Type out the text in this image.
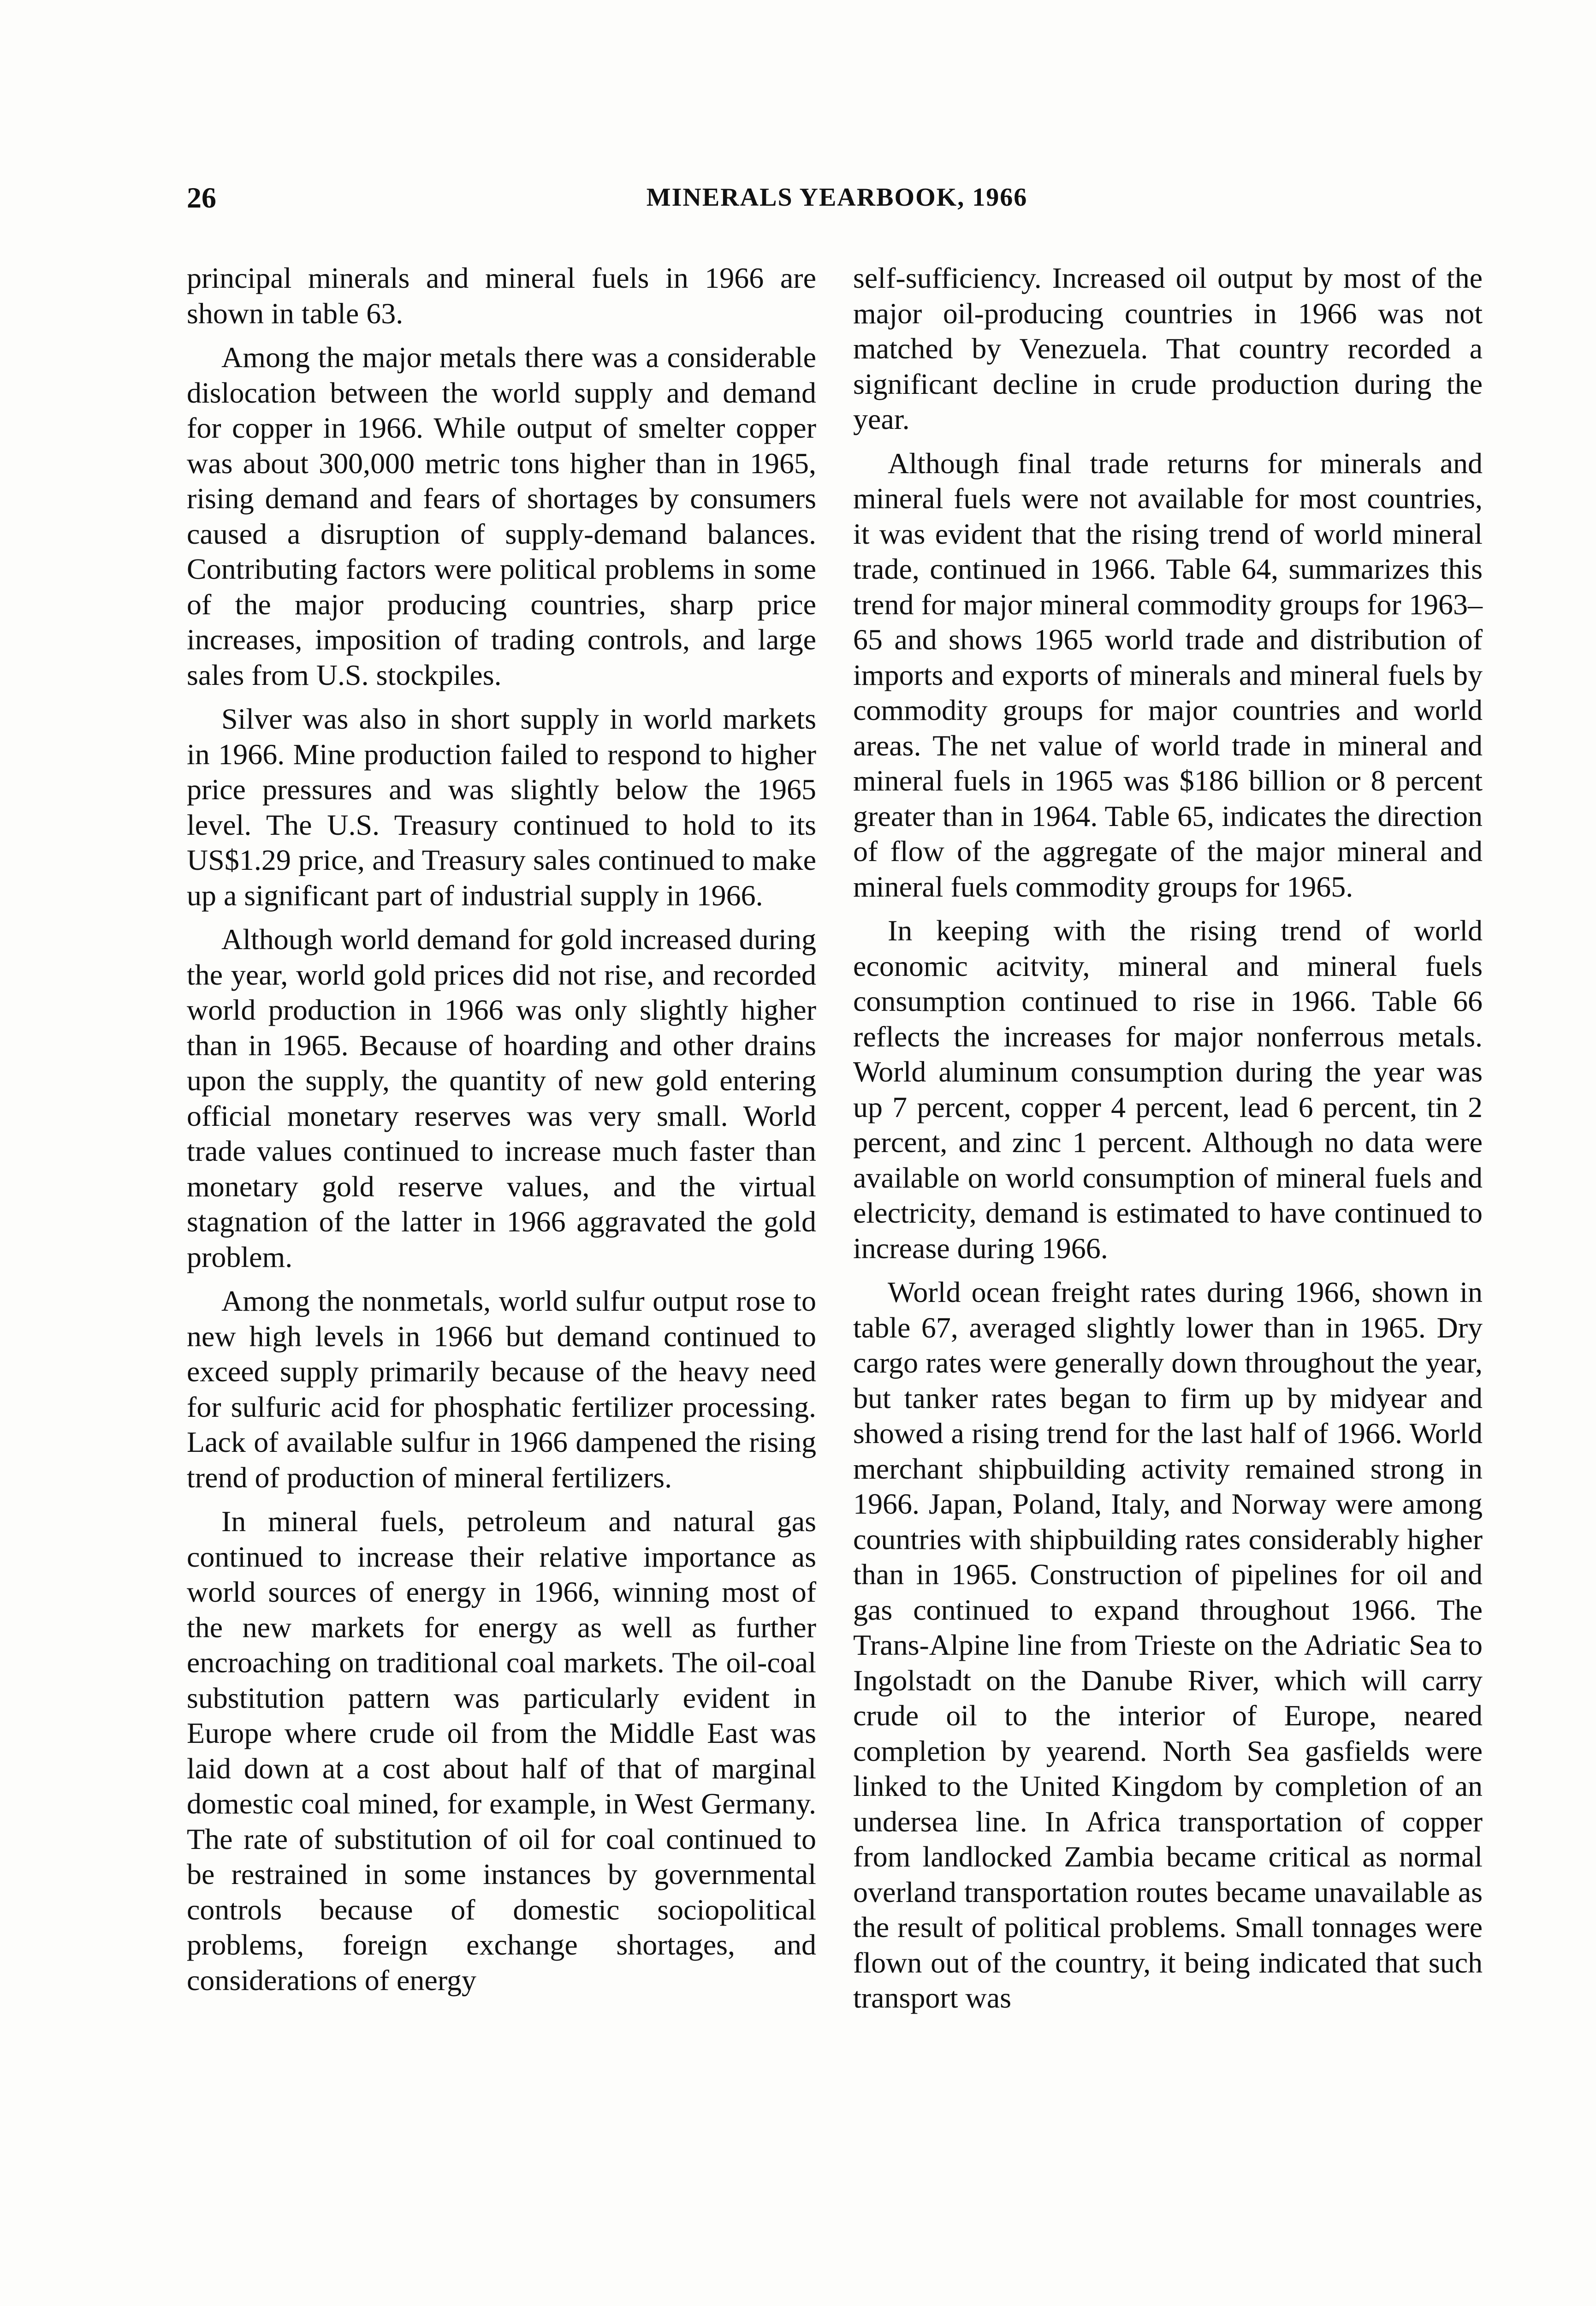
26	MINERALS YEARBOOK, 1966

principal minerals and mineral fuels in 1966 are shown in table 63.

Among the major metals there was a considerable dislocation between the world supply and demand for copper in 1966. While output of smelter copper was about 300,000 metric tons higher than in 1965, rising demand and fears of shortages by consumers caused a disruption of supply-demand balances. Contributing factors were political problems in some of the major producing countries, sharp price increases, imposition of trading controls, and large sales from U.S. stockpiles.

Silver was also in short supply in world markets in 1966. Mine production failed to respond to higher price pressures and was slightly below the 1965 level. The U.S. Treasury continued to hold to its US$1.29 price, and Treasury sales continued to make up a significant part of industrial supply in 1966.

Although world demand for gold increased during the year, world gold prices did not rise, and recorded world production in 1966 was only slightly higher than in 1965. Because of hoarding and other drains upon the supply, the quantity of new gold entering official monetary reserves was very small. World trade values continued to increase much faster than monetary gold reserve values, and the virtual stagnation of the latter in 1966 aggravated the gold problem.

Among the nonmetals, world sulfur output rose to new high levels in 1966 but demand continued to exceed supply primarily because of the heavy need for sulfuric acid for phosphatic fertilizer processing. Lack of available sulfur in 1966 dampened the rising trend of production of mineral fertilizers.

In mineral fuels, petroleum and natural gas continued to increase their relative importance as world sources of energy in 1966, winning most of the new markets for energy as well as further encroaching on traditional coal markets. The oil-coal substitution pattern was particularly evident in Europe where crude oil from the Middle East was laid down at a cost about half of that of marginal domestic coal mined, for example, in West Germany. The rate of substitution of oil for coal continued to be restrained in some instances by governmental controls because of domestic sociopolitical problems, foreign exchange shortages, and considerations of energy

self-sufficiency. Increased oil output by most of the major oil-producing countries in 1966 was not matched by Venezuela. That country recorded a significant decline in crude production during the year.

Although final trade returns for minerals and mineral fuels were not available for most countries, it was evident that the rising trend of world mineral trade, continued in 1966. Table 64, summarizes this trend for major mineral commodity groups for 1963–65 and shows 1965 world trade and distribution of imports and exports of minerals and mineral fuels by commodity groups for major countries and world areas. The net value of world trade in mineral and mineral fuels in 1965 was $186 billion or 8 percent greater than in 1964. Table 65, indicates the direction of flow of the aggregate of the major mineral and mineral fuels commodity groups for 1965.

In keeping with the rising trend of world economic acitvity, mineral and mineral fuels consumption continued to rise in 1966. Table 66 reflects the increases for major nonferrous metals. World aluminum consumption during the year was up 7 percent, copper 4 percent, lead 6 percent, tin 2 percent, and zinc 1 percent. Although no data were available on world consumption of mineral fuels and electricity, demand is estimated to have continued to increase during 1966.

World ocean freight rates during 1966, shown in table 67, averaged slightly lower than in 1965. Dry cargo rates were generally down throughout the year, but tanker rates began to firm up by midyear and showed a rising trend for the last half of 1966. World merchant shipbuilding activity remained strong in 1966. Japan, Poland, Italy, and Norway were among countries with shipbuilding rates considerably higher than in 1965. Construction of pipelines for oil and gas continued to expand throughout 1966. The Trans-Alpine line from Trieste on the Adriatic Sea to Ingolstadt on the Danube River, which will carry crude oil to the interior of Europe, neared completion by yearend. North Sea gasfields were linked to the United Kingdom by completion of an undersea line. In Africa transportation of copper from landlocked Zambia became critical as normal overland transportation routes became unavailable as the result of political problems. Small tonnages were flown out of the country, it being indicated that such transport was
